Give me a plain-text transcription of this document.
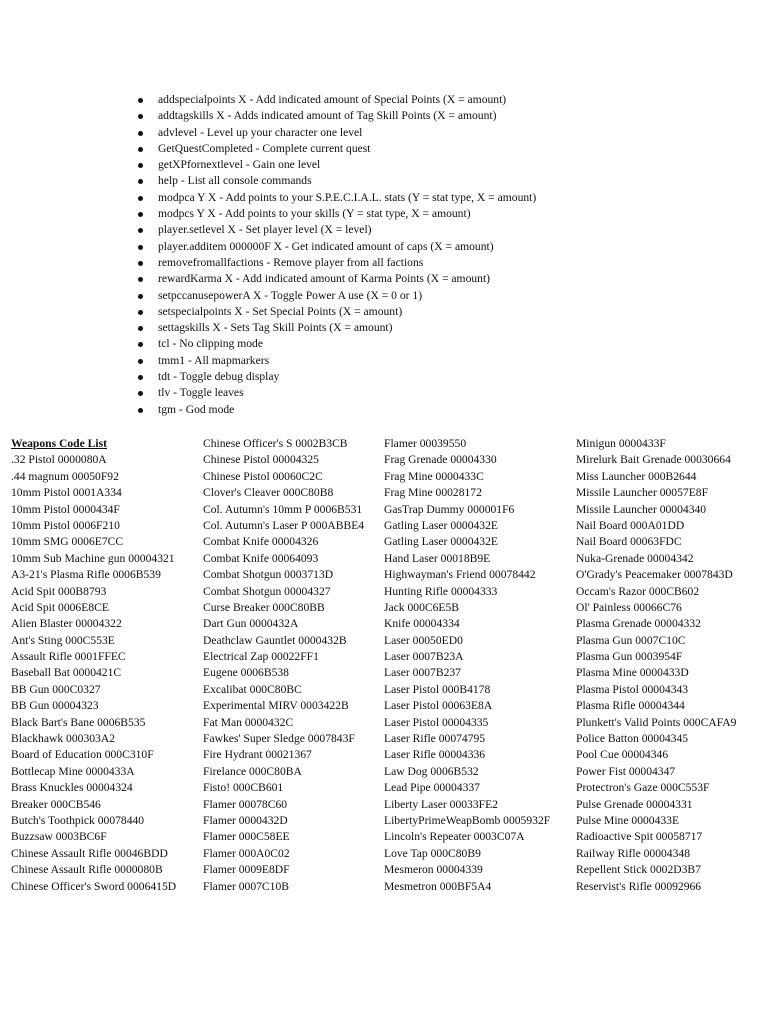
addspecialpoints X - Add indicated amount of Special Points (X = amount)
addtagskills X - Adds indicated amount of Tag Skill Points (X = amount)
advlevel - Level up your character one level
GetQuestCompleted - Complete current quest
getXPfornextlevel - Gain one level
help - List all console commands
modpca Y X - Add points to your S.P.E.C.I.A.L. stats (Y = stat type, X = amount)
modpcs Y X - Add points to your skills (Y = stat type, X = amount)
player.setlevel X - Set player level (X = level)
player.additem 000000F X - Get indicated amount of caps (X = amount)
removefromallfactions - Remove player from all factions
rewardKarma X - Add indicated amount of Karma Points (X = amount)
setpccanusepowerA X - Toggle Power A use (X = 0 or 1)
setspecialpoints X - Set Special Points (X = amount)
settagskills X - Sets Tag Skill Points (X = amount)
tcl - No clipping mode
tmm1 - All mapmarkers
tdt - Toggle debug display
tlv - Toggle leaves
tgm - God mode
Weapons Code List
.32 Pistol 0000080A
.44 magnum 00050F92
10mm Pistol 0001A334
10mm Pistol 0000434F
10mm Pistol 0006F210
10mm SMG 0006E7CC
10mm Sub Machine gun 00004321
A3-21's Plasma Rifle 0006B539
Acid Spit 000B8793
Acid Spit 0006E8CE
Alien Blaster 00004322
Ant's Sting 000C553E
Assault Rifle 0001FFEC
Baseball Bat 0000421C
BB Gun 000C0327
BB Gun 00004323
Black Bart's Bane 0006B535
Blackhawk 000303A2
Board of Education 000C310F
Bottlecap Mine 0000433A
Brass Knuckles 00004324
Breaker 000CB546
Butch's Toothpick 00078440
Buzzsaw 0003BC6F
Chinese Assault Rifle 00046BDD
Chinese Assault Rifle 0000080B
Chinese Officer's Sword 0006415D
Chinese Officer's S 0002B3CB
Chinese Pistol 00004325
Chinese Pistol 00060C2C
Clover's Cleaver 000C80B8
Col. Autumn's 10mm P 0006B531
Col. Autumn's Laser P 000ABBE4
Combat Knife 00004326
Combat Knife 00064093
Combat Shotgun 0003713D
Combat Shotgun 00004327
Curse Breaker 000C80BB
Dart Gun 0000432A
Deathclaw Gauntlet 0000432B
Electrical Zap 00022FF1
Eugene 0006B538
Excalibat 000C80BC
Experimental MIRV 0003422B
Fat Man 0000432C
Fawkes' Super Sledge 0007843F
Fire Hydrant 00021367
Firelance 000C80BA
Fisto! 000CB601
Flamer 00078C60
Flamer 0000432D
Flamer 000C58EE
Flamer 000A0C02
Flamer 0009E8DF
Flamer 0007C10B
Flamer 00039550
Frag Grenade 00004330
Frag Mine 0000433C
Frag Mine 00028172
GasTrap Dummy 000001F6
Gatling Laser 0000432E
Gatling Laser 0000432E
Hand Laser 00018B9E
Highwayman's Friend 00078442
Hunting Rifle 00004333
Jack 000C6E5B
Knife 00004334
Laser 00050ED0
Laser 0007B23A
Laser 0007B237
Laser Pistol 000B4178
Laser Pistol 00063E8A
Laser Pistol 00004335
Laser Rifle 00074795
Laser Rifle 00004336
Law Dog 0006B532
Lead Pipe 00004337
Liberty Laser 00033FE2
LibertyPrimeWeapBomb 0005932F
Lincoln's Repeater 0003C07A
Love Tap 000C80B9
Mesmeron 00004339
Mesmetron 000BF5A4
Minigun 0000433F
Mirelurk Bait Grenade 00030664
Miss Launcher 000B2644
Missile Launcher 00057E8F
Missile Launcher 00004340
Nail Board 000A01DD
Nail Board 00063FDC
Nuka-Grenade 00004342
O'Grady's Peacemaker 0007843D
Occam's Razor 000CB602
Ol' Painless 00066C76
Plasma Grenade 00004332
Plasma Gun 0007C10C
Plasma Gun 0003954F
Plasma Mine 0000433D
Plasma Pistol 00004343
Plasma Rifle 00004344
Plunkett's Valid Points 000CAFA9
Police Batton 00004345
Pool Cue 00004346
Power Fist 00004347
Protectron's Gaze 000C553F
Pulse Grenade 00004331
Pulse Mine 0000433E
Radioactive Spit 00058717
Railway Rifle 00004348
Repellent Stick 0002D3B7
Reservist's Rifle 00092966
